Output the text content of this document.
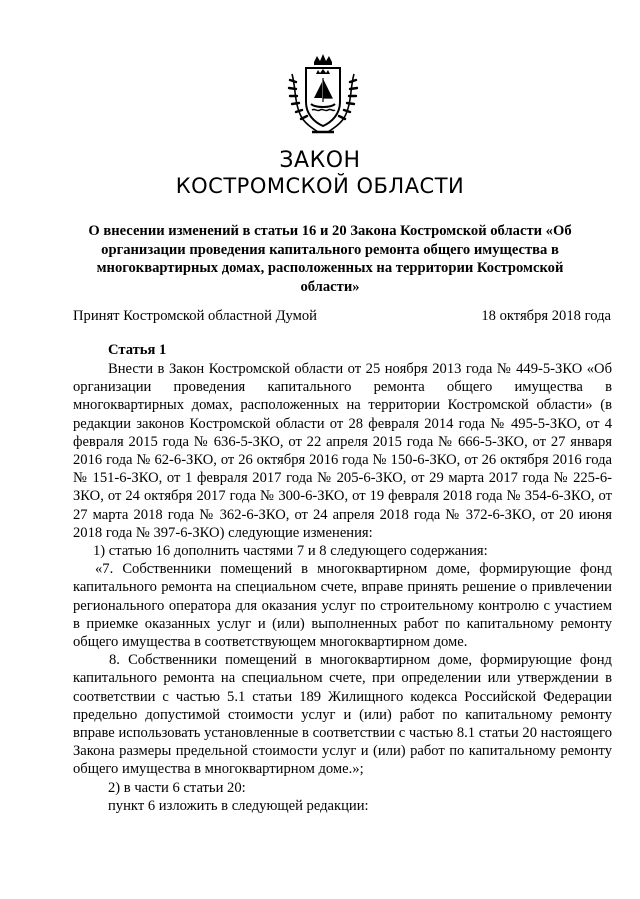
ЗАКОН
КОСТРОМСКОЙ ОБЛАСТИ
О внесении изменений в статьи 16 и 20 Закона Костромской области «Об организации проведения капитального ремонта общего имущества в многоквартирных домах, расположенных на территории Костромской области»
Принят Костромской областной Думой	18 октября 2018 года
Статья 1

Внести в Закон Костромской области от 25 ноября 2013 года № 449-5-ЗКО «Об организации проведения капитального ремонта общего имущества в многоквартирных домах, расположенных на территории Костромской области» (в редакции законов Костромской области от 28 февраля 2014 года № 495-5-ЗКО, от 4 февраля 2015 года № 636-5-ЗКО, от 22 апреля 2015 года № 666-5-ЗКО, от 27 января 2016 года № 62-6-ЗКО, от 26 октября 2016 года № 150-6-ЗКО, от 26 октября 2016 года № 151-6-ЗКО, от 1 февраля 2017 года № 205-6-ЗКО, от 29 марта 2017 года № 225-6-ЗКО, от 24 октября 2017 года № 300-6-ЗКО, от 19 февраля 2018 года № 354-6-ЗКО, от 27 марта 2018 года № 362-6-ЗКО, от 24 апреля 2018 года № 372-6-ЗКО, от 20 июня 2018 года № 397-6-ЗКО) следующие изменения:

1) статью 16 дополнить частями 7 и 8 следующего содержания:

«7. Собственники помещений в многоквартирном доме, формирующие фонд капитального ремонта на специальном счете, вправе принять решение о привлечении регионального оператора для оказания услуг по строительному контролю с участием в приемке оказанных услуг и (или) выполненных работ по капитальному ремонту общего имущества в соответствующем многоквартирном доме.

8. Собственники помещений в многоквартирном доме, формирующие фонд капитального ремонта на специальном счете, при определении или утверждении в соответствии с частью 5.1 статьи 189 Жилищного кодекса Российской Федерации предельно допустимой стоимости услуг и (или) работ по капитальному ремонту вправе использовать установленные в соответствии с частью 8.1 статьи 20 настоящего Закона размеры предельной стоимости услуг и (или) работ по капитальному ремонту общего имущества в многоквартирном доме.»;

2) в части 6 статьи 20:

пункт 6 изложить в следующей редакции:
